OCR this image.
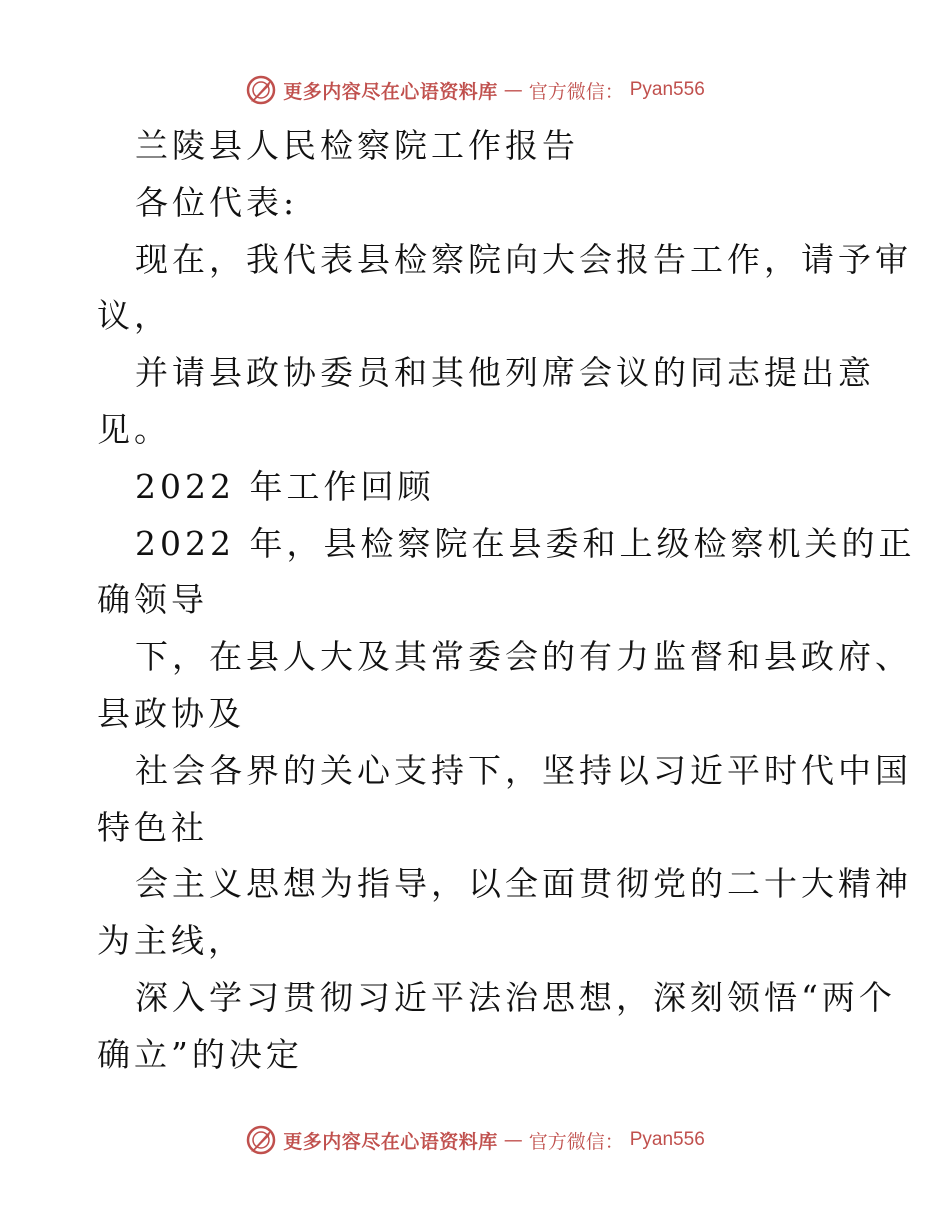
更多内容尽在心语资料库 — 官方微信： Pyan556
兰陵县人民检察院工作报告
各位代表:
现在，我代表县检察院向大会报告工作，请予审
议，
并请县政协委员和其他列席会议的同志提出意
见。
2022 年工作回顾
2022 年，县检察院在县委和上级检察机关的正
确领导
下，在县人大及其常委会的有力监督和县政府、
县政协及
社会各界的关心支持下，坚持以习近平时代中国
特色社
会主义思想为指导，以全面贯彻党的二十大精神
为主线，
深入学习贯彻习近平法治思想，深刻领悟“两个
确立”的决定
更多内容尽在心语资料库 — 官方微信： Pyan556
